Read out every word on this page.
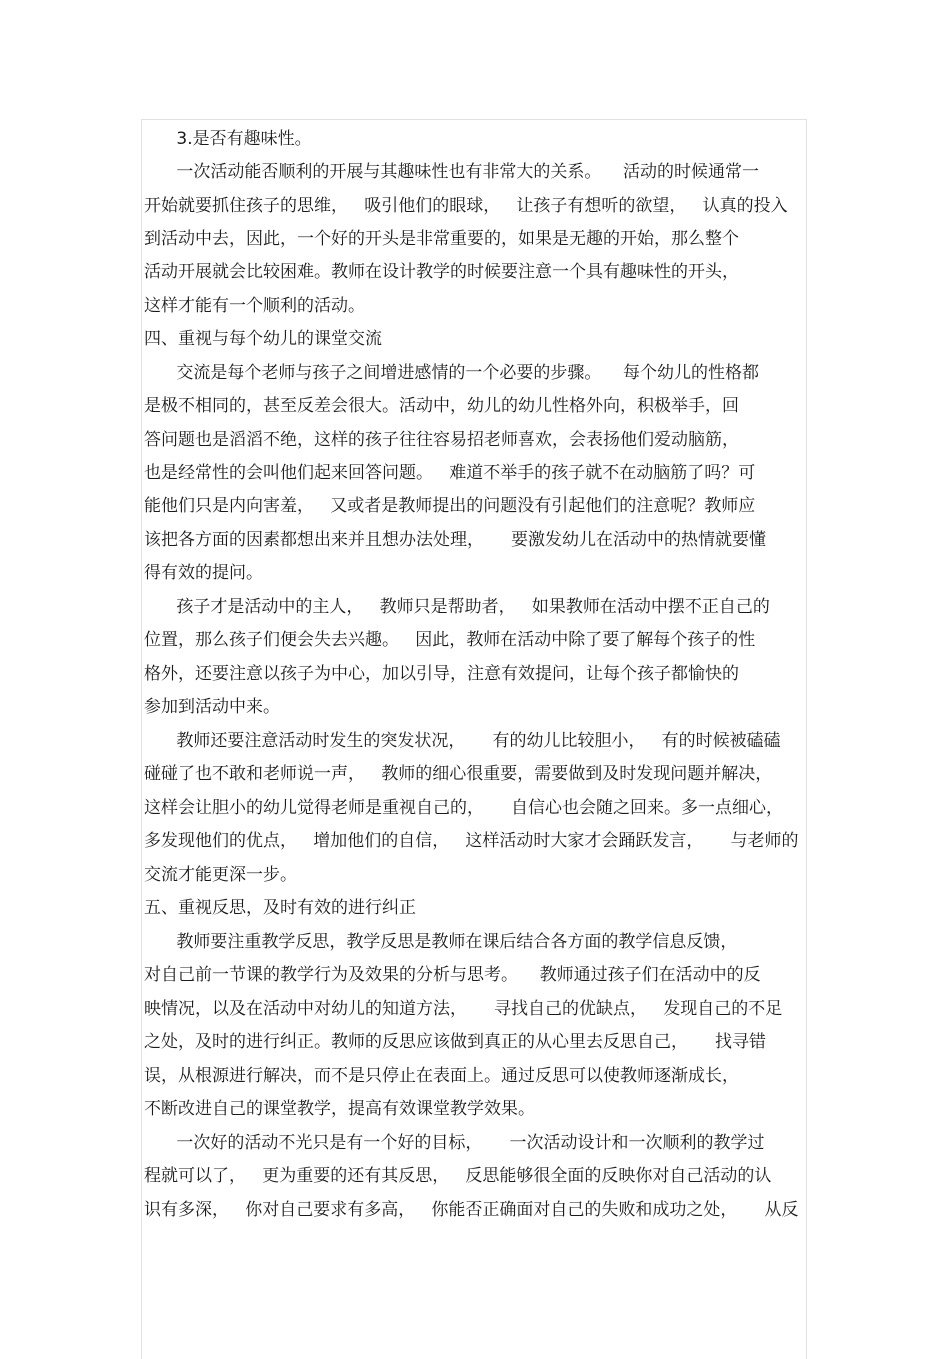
3.是否有趣味性。
一次活动能否顺利的开展与其趣味性也有非常大的关系。    活动的时候通常一
开始就要抓住孩子的思维，   吸引他们的眼球，   让孩子有想听的欲望，   认真的投入
到活动中去，因此，一个好的开头是非常重要的，如果是无趣的开始，那么整个
活动开展就会比较困难。教师在设计教学的时候要注意一个具有趣味性的开头，
这样才能有一个顺利的活动。
四、重视与每个幼儿的课堂交流
交流是每个老师与孩子之间增进感情的一个必要的步骤。    每个幼儿的性格都
是极不相同的，甚至反差会很大。活动中，幼儿的幼儿性格外向，积极举手，回
答问题也是滔滔不绝，这样的孩子往往容易招老师喜欢，会表扬他们爱动脑筋，
也是经常性的会叫他们起来回答问题。   难道不举手的孩子就不在动脑筋了吗？可
能他们只是内向害羞，   又或者是教师提出的问题没有引起他们的注意呢？教师应
该把各方面的因素都想出来并且想办法处理，     要激发幼儿在活动中的热情就要懂
得有效的提问。
孩子才是活动中的主人，   教师只是帮助者，   如果教师在活动中摆不正自己的
位置，那么孩子们便会失去兴趣。   因此，教师在活动中除了要了解每个孩子的性
格外，还要注意以孩子为中心，加以引导，注意有效提问，让每个孩子都愉快的
参加到活动中来。
教师还要注意活动时发生的突发状况，     有的幼儿比较胆小，   有的时候被磕磕
碰碰了也不敢和老师说一声，   教师的细心很重要，需要做到及时发现问题并解决，
这样会让胆小的幼儿觉得老师是重视自己的，     自信心也会随之回来。多一点细心，
多发现他们的优点，   增加他们的自信，   这样活动时大家才会踊跃发言，     与老师的
交流才能更深一步。
五、重视反思，及时有效的进行纠正
教师要注重教学反思，教学反思是教师在课后结合各方面的教学信息反馈，
对自己前一节课的教学行为及效果的分析与思考。    教师通过孩子们在活动中的反
映情况，以及在活动中对幼儿的知道方法，     寻找自己的优缺点，   发现自己的不足
之处，及时的进行纠正。教师的反思应该做到真正的从心里去反思自己，     找寻错
误，从根源进行解决，而不是只停止在表面上。通过反思可以使教师逐渐成长，
不断改进自己的课堂教学，提高有效课堂教学效果。
一次好的活动不光只是有一个好的目标，     一次活动设计和一次顺利的教学过
程就可以了，   更为重要的还有其反思，   反思能够很全面的反映你对自己活动的认
识有多深，   你对自己要求有多高，   你能否正确面对自己的失败和成功之处，     从反
